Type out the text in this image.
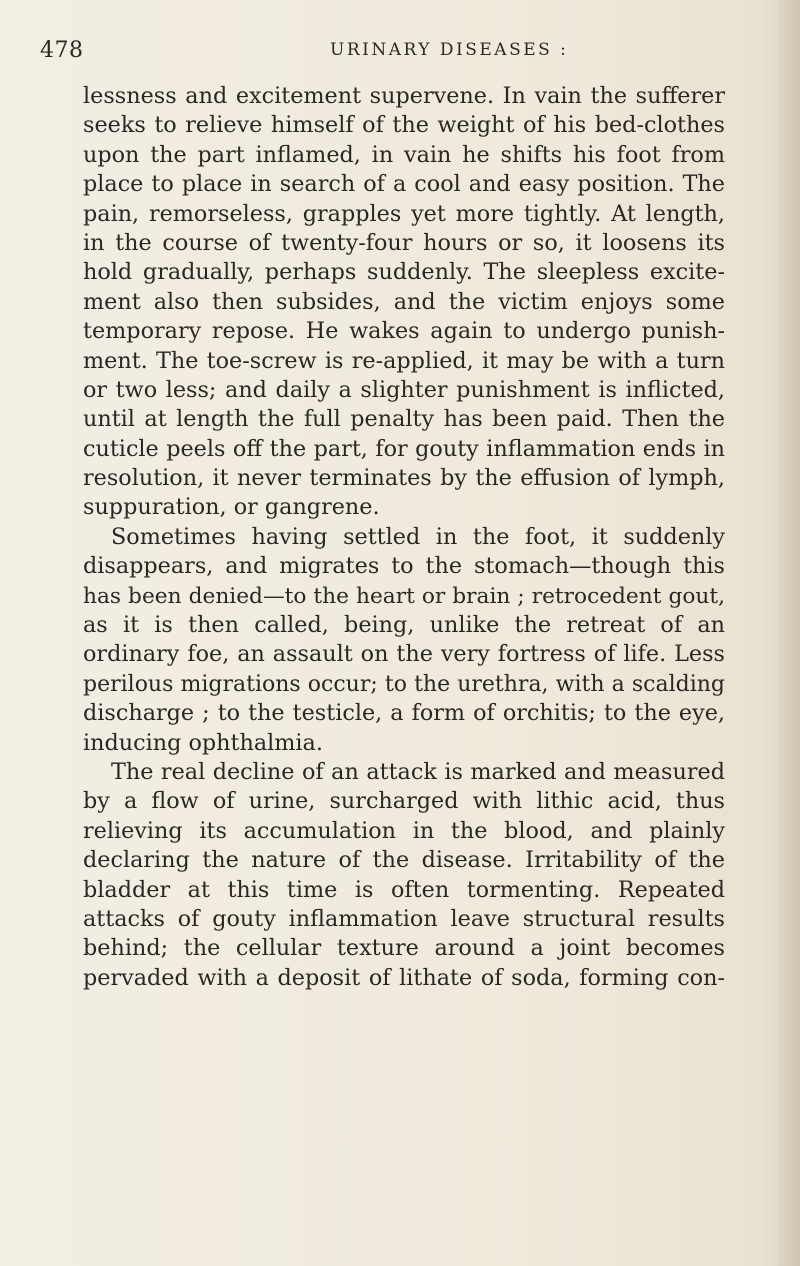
478	URINARY DISEASES :
lessness and excitement supervene. In vain the sufferer
seeks to relieve himself of the weight of his bed-clothes
upon the part inflamed, in vain he shifts his foot from
place to place in search of a cool and easy position. The
pain, remorseless, grapples yet more tightly. At length,
in the course of twenty-four hours or so, it loosens its
hold gradually, perhaps suddenly. The sleepless excite-
ment also then subsides, and the victim enjoys some
temporary repose. He wakes again to undergo punish-
ment. The toe-screw is re-applied, it may be with a turn
or two less; and daily a slighter punishment is inflicted,
until at length the full penalty has been paid. Then the
cuticle peels off the part, for gouty inflammation ends in
resolution, it never terminates by the effusion of lymph,
suppuration, or gangrene.
Sometimes having settled in the foot, it suddenly
disappears, and migrates to the stomach—though this
has been denied—to the heart or brain ; retrocedent gout,
as it is then called, being, unlike the retreat of an
ordinary foe, an assault on the very fortress of life. Less
perilous migrations occur; to the urethra, with a scalding
discharge ; to the testicle, a form of orchitis; to the eye,
inducing ophthalmia.
The real decline of an attack is marked and measured
by a flow of urine, surcharged with lithic acid, thus
relieving its accumulation in the blood, and plainly
declaring the nature of the disease. Irritability of the
bladder at this time is often tormenting. Repeated
attacks of gouty inflammation leave structural results
behind; the cellular texture around a joint becomes
pervaded with a deposit of lithate of soda, forming con-
